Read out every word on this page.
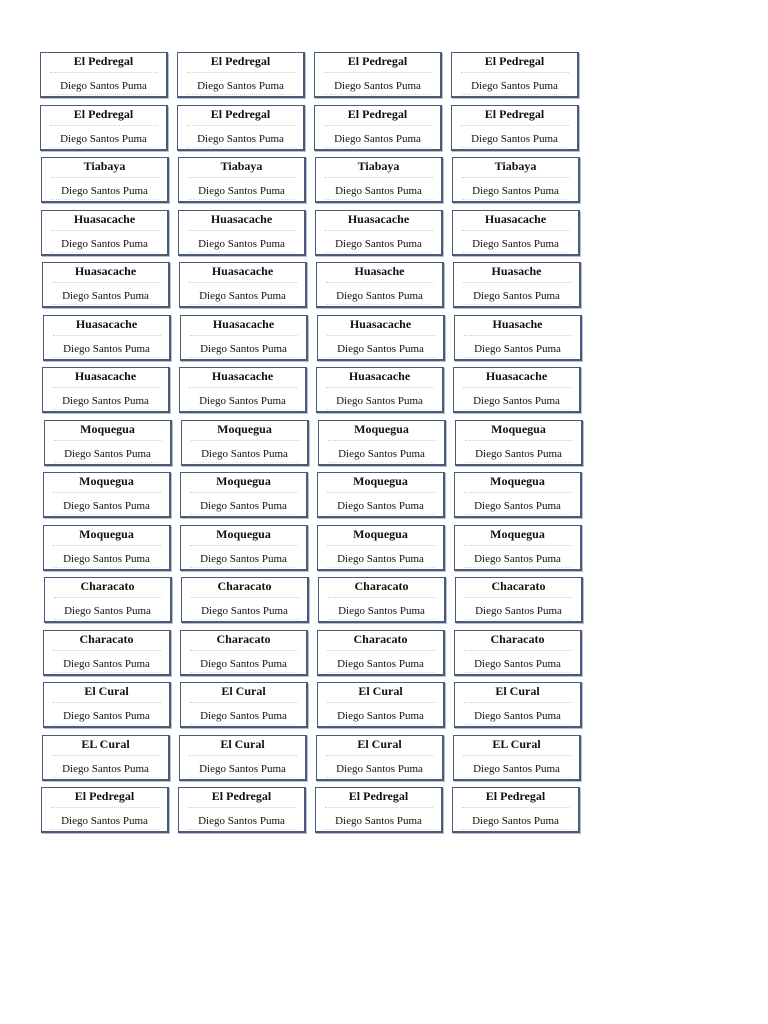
El Pedregal
Diego Santos Puma
El Pedregal
Diego Santos Puma
El Pedregal
Diego Santos Puma
El Pedregal
Diego Santos Puma
El Pedregal
Diego Santos Puma
El Pedregal
Diego Santos Puma
El Pedregal
Diego Santos Puma
El Pedregal
Diego Santos Puma
Tiabaya
Diego Santos Puma
Tiabaya
Diego Santos Puma
Tiabaya
Diego Santos Puma
Tiabaya
Diego Santos Puma
Huasacache
Diego Santos Puma
Huasacache
Diego Santos Puma
Huasacache
Diego Santos Puma
Huasacache
Diego Santos Puma
Huasacache
Diego Santos Puma
Huasacache
Diego Santos Puma
Huasache
Diego Santos Puma
Huasache
Diego Santos Puma
Huasacache
Diego Santos Puma
Huasacache
Diego Santos Puma
Huasacache
Diego Santos Puma
Huasache
Diego Santos Puma
Huasacache
Diego Santos Puma
Huasacache
Diego Santos Puma
Huasacache
Diego Santos Puma
Huasacache
Diego Santos Puma
Moquegua
Diego Santos Puma
Moquegua
Diego Santos Puma
Moquegua
Diego Santos Puma
Moquegua
Diego Santos Puma
Moquegua
Diego Santos Puma
Moquegua
Diego Santos Puma
Moquegua
Diego Santos Puma
Moquegua
Diego Santos Puma
Moquegua
Diego Santos Puma
Moquegua
Diego Santos Puma
Moquegua
Diego Santos Puma
Moquegua
Diego Santos Puma
Characato
Diego Santos Puma
Characato
Diego Santos Puma
Characato
Diego Santos Puma
Chacarato
Diego Santos Puma
Characato
Diego Santos Puma
Characato
Diego Santos Puma
Characato
Diego Santos Puma
Characato
Diego Santos Puma
El Cural
Diego Santos Puma
El Cural
Diego Santos Puma
El Cural
Diego Santos Puma
El Cural
Diego Santos Puma
EL Cural
Diego Santos Puma
El Cural
Diego Santos Puma
El Cural
Diego Santos Puma
EL Cural
Diego Santos Puma
El Pedregal
Diego Santos Puma
El Pedregal
Diego Santos Puma
El Pedregal
Diego Santos Puma
El Pedregal
Diego Santos Puma
